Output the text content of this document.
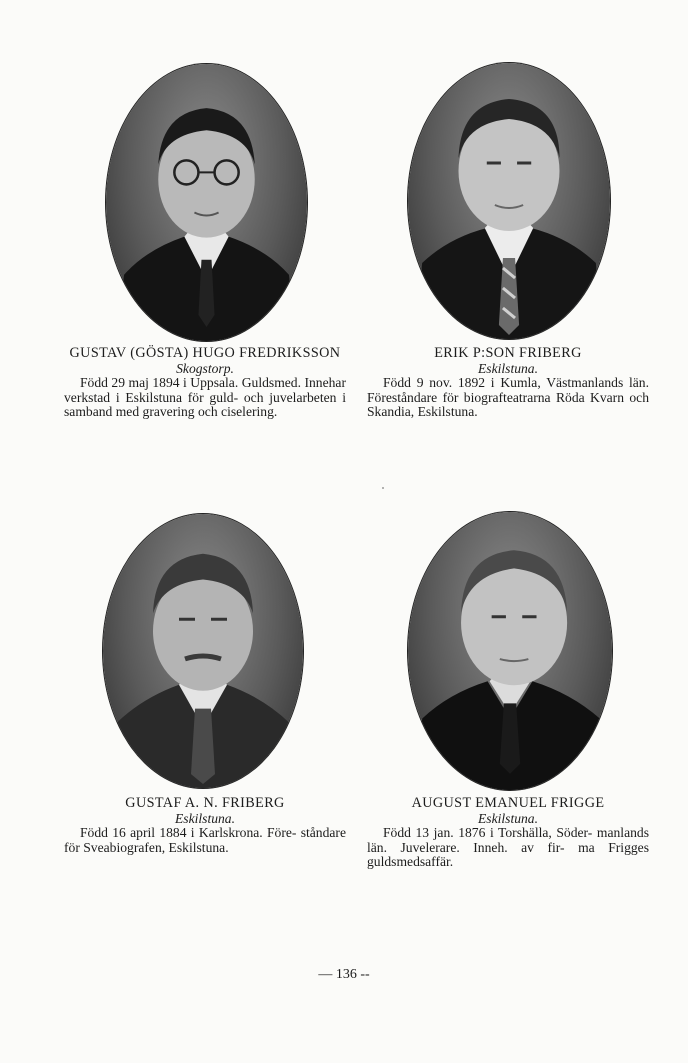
GUSTAV (GÖSTA) HUGO FREDRIKSSON
Skogstorp.

Född 29 maj 1894 i Uppsala. Guldsmed. Innehar verkstad i Eskilstuna för guld- och juvelarbeten i samband med gravering och ciselering.

ERIK P:SON FRIBERG
Eskilstuna.

Född 9 nov. 1892 i Kumla, Västmanlands län. Föreståndare för biografteatrarna Röda Kvarn och Skandia, Eskilstuna.

GUSTAF A. N. FRIBERG
Eskilstuna.

Född 16 april 1884 i Karlskrona. Före- ståndare för Sveabiografen, Eskilstuna.

AUGUST EMANUEL FRIGGE
Eskilstuna.

Född 13 jan. 1876 i Torshälla, Söder- manlands län. Juvelerare. Inneh. av fir- ma Frigges guldsmedsaffär.

— 136 --
